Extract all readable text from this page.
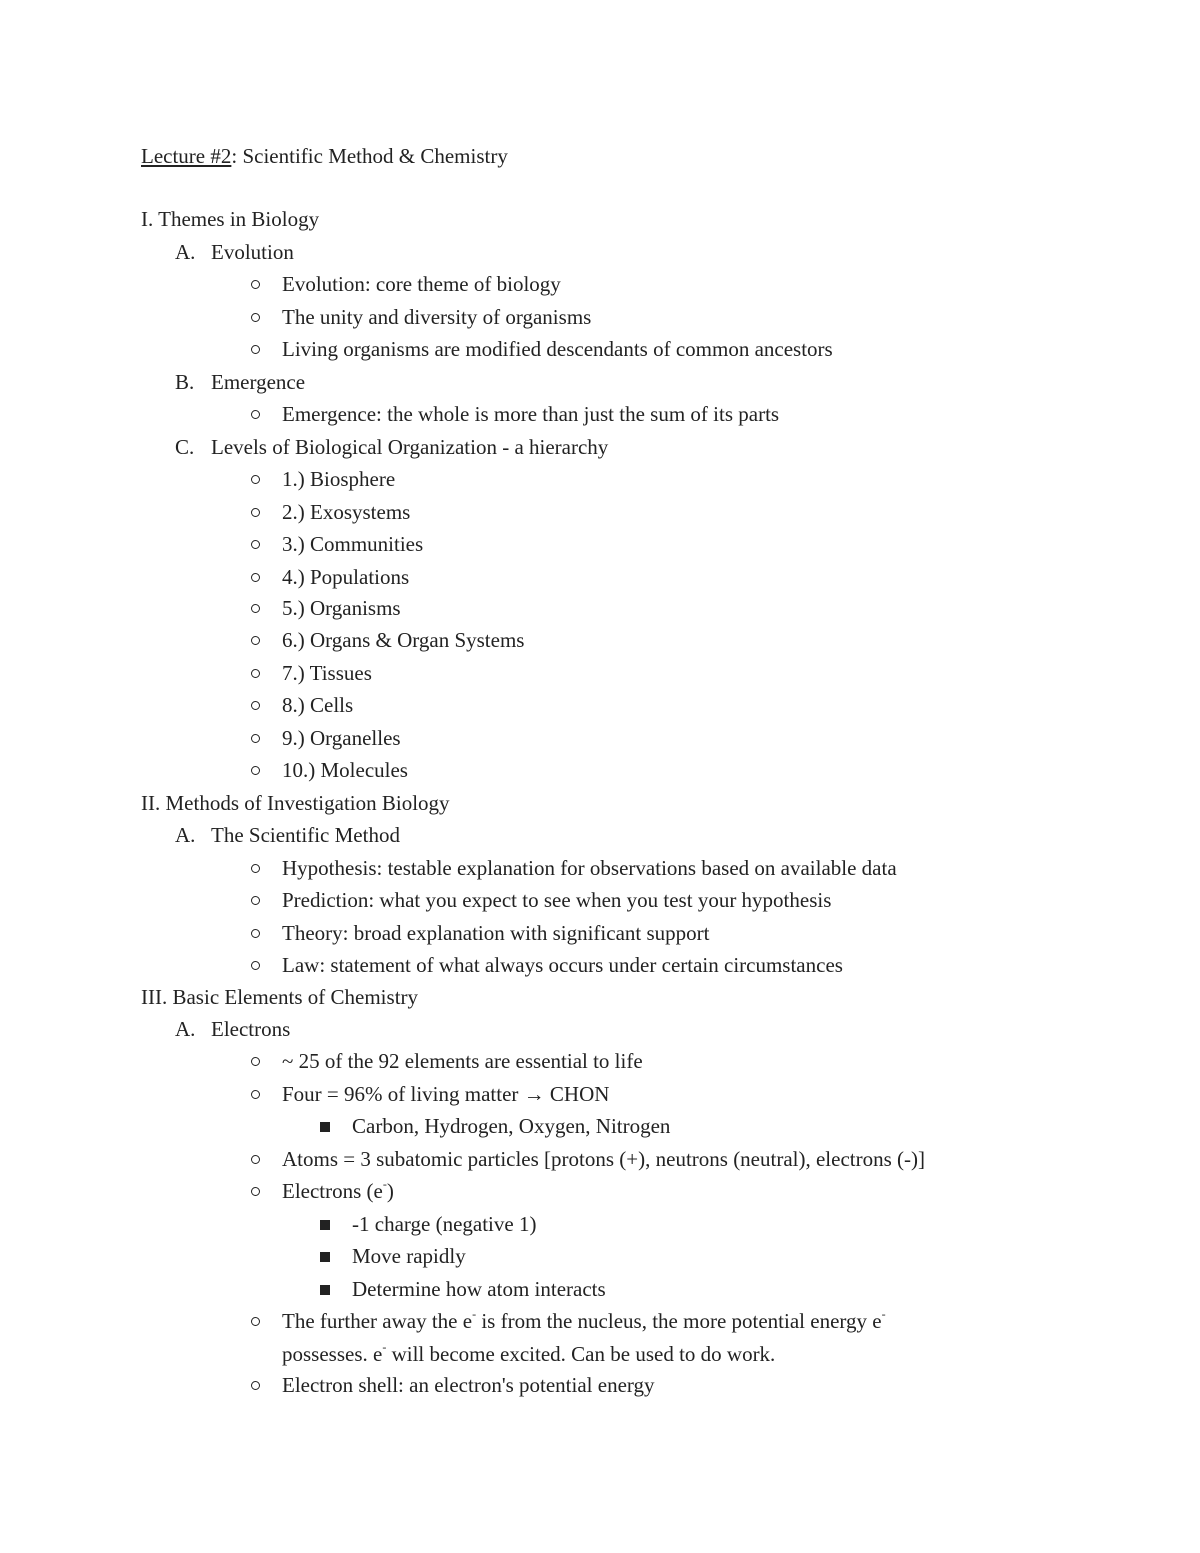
Lecture #2: Scientific Method & Chemistry
I. Themes in Biology
A. Evolution
Evolution: core theme of biology
The unity and diversity of organisms
Living organisms are modified descendants of common ancestors
B. Emergence
Emergence: the whole is more than just the sum of its parts
C. Levels of Biological Organization - a hierarchy
1.) Biosphere
2.) Exosystems
3.) Communities
4.) Populations
5.) Organisms
6.) Organs & Organ Systems
7.) Tissues
8.) Cells
9.) Organelles
10.) Molecules
II. Methods of Investigation Biology
A. The Scientific Method
Hypothesis: testable explanation for observations based on available data
Prediction: what you expect to see when you test your hypothesis
Theory: broad explanation with significant support
Law: statement of what always occurs under certain circumstances
III. Basic Elements of Chemistry
A. Electrons
~ 25 of the 92 elements are essential to life
Four = 96% of living matter → CHON
Carbon, Hydrogen, Oxygen, Nitrogen
Atoms = 3 subatomic particles [protons (+), neutrons (neutral), electrons (-)]
Electrons (e-)
-1 charge (negative 1)
Move rapidly
Determine how atom interacts
The further away the e- is from the nucleus, the more potential energy e-
possesses. e- will become excited. Can be used to do work.
Electron shell: an electron's potential energy
